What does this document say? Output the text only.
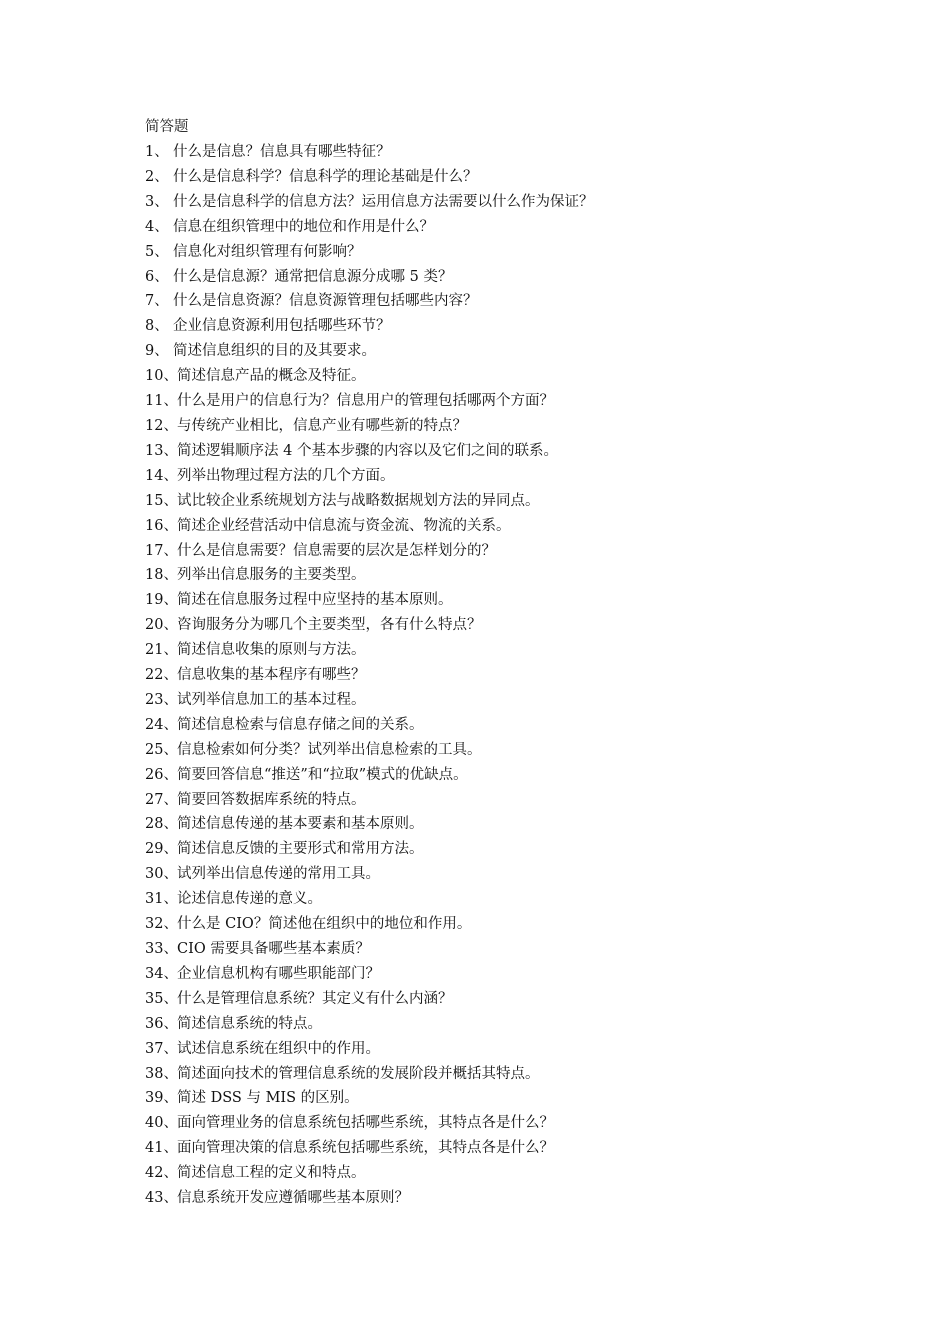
简答题
1、 什么是信息？信息具有哪些特征？
2、 什么是信息科学？信息科学的理论基础是什么？
3、 什么是信息科学的信息方法？运用信息方法需要以什么作为保证？
4、 信息在组织管理中的地位和作用是什么？
5、 信息化对组织管理有何影响？
6、 什么是信息源？通常把信息源分成哪 5 类？
7、 什么是信息资源？信息资源管理包括哪些内容？
8、 企业信息资源利用包括哪些环节？
9、 简述信息组织的目的及其要求。
10、简述信息产品的概念及特征。
11、什么是用户的信息行为？信息用户的管理包括哪两个方面？
12、与传统产业相比，信息产业有哪些新的特点？
13、简述逻辑顺序法 4 个基本步骤的内容以及它们之间的联系。
14、列举出物理过程方法的几个方面。
15、试比较企业系统规划方法与战略数据规划方法的异同点。
16、简述企业经营活动中信息流与资金流、物流的关系。
17、什么是信息需要？信息需要的层次是怎样划分的？
18、列举出信息服务的主要类型。
19、简述在信息服务过程中应坚持的基本原则。
20、咨询服务分为哪几个主要类型，各有什么特点？
21、简述信息收集的原则与方法。
22、信息收集的基本程序有哪些？
23、试列举信息加工的基本过程。
24、简述信息检索与信息存储之间的关系。
25、信息检索如何分类？试列举出信息检索的工具。
26、简要回答信息“推送”和“拉取”模式的优缺点。
27、简要回答数据库系统的特点。
28、简述信息传递的基本要素和基本原则。
29、简述信息反馈的主要形式和常用方法。
30、试列举出信息传递的常用工具。
31、论述信息传递的意义。
32、什么是 CIO？简述他在组织中的地位和作用。
33、CIO 需要具备哪些基本素质？
34、企业信息机构有哪些职能部门？
35、什么是管理信息系统？其定义有什么内涵？
36、简述信息系统的特点。
37、试述信息系统在组织中的作用。
38、简述面向技术的管理信息系统的发展阶段并概括其特点。
39、简述 DSS 与 MIS 的区别。
40、面向管理业务的信息系统包括哪些系统，其特点各是什么？
41、面向管理决策的信息系统包括哪些系统，其特点各是什么？
42、简述信息工程的定义和特点。
43、信息系统开发应遵循哪些基本原则？
